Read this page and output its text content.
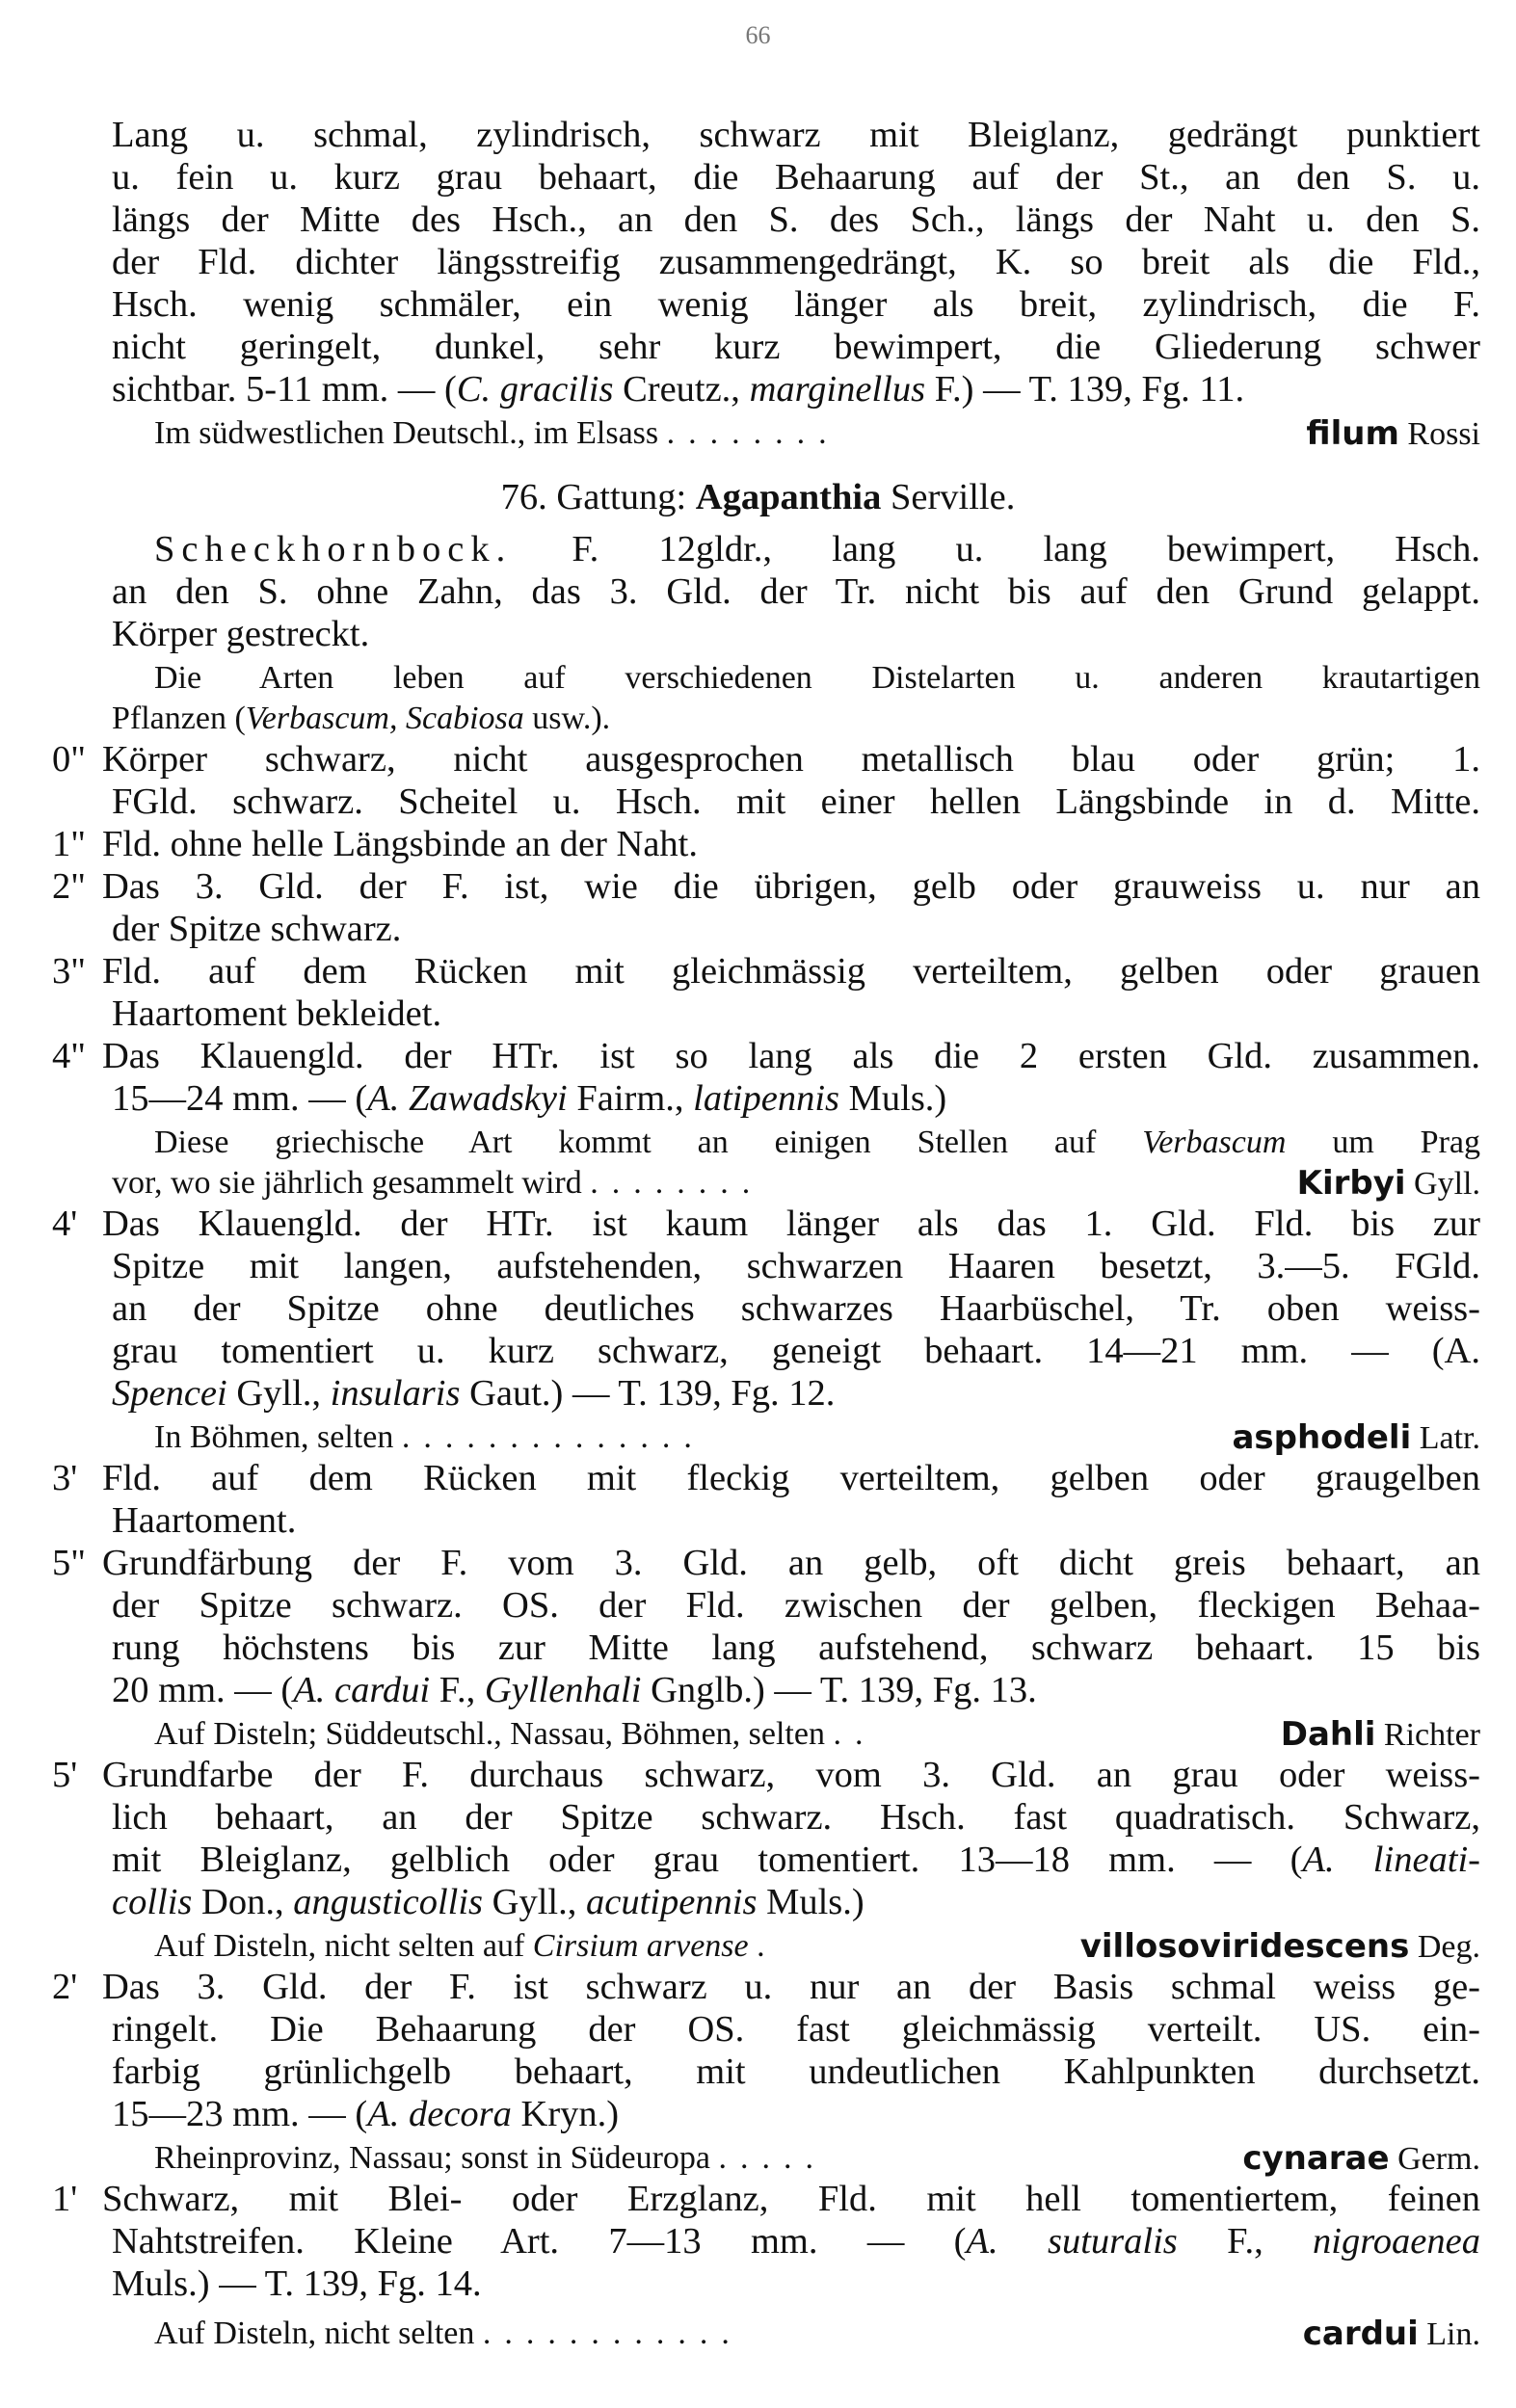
66
Lang u. schmal, zylindrisch, schwarz mit Bleiglanz, gedrängt punktiert
u. fein u. kurz grau behaart, die Behaarung auf der St., an den S. u.
längs der Mitte des Hsch., an den S. des Sch., längs der Naht u. den S.
der Fld. dichter längsstreifig zusammengedrängt, K. so breit als die Fld.,
Hsch. wenig schmäler, ein wenig länger als breit, zylindrisch, die F.
nicht geringelt, dunkel, sehr kurz bewimpert, die Gliederung schwer
sichtbar. 5-11 mm. — (C. gracilis Creutz., marginellus F.) — T. 139, Fg. 11.
Im südwestlichen Deutschl., im Elsass ........	filum Rossi
76. Gattung: Agapanthia Serville.
Scheckhornbock. F. 12gldr., lang u. lang bewimpert, Hsch.
an den S. ohne Zahn, das 3. Gld. der Tr. nicht bis auf den Grund gelappt.
Körper gestreckt.
Die Arten leben auf verschiedenen Distelarten u. anderen krautartigen
Pflanzen (Verbascum, Scabiosa usw.).
0" Körper schwarz, nicht ausgesprochen metallisch blau oder grün; 1.
FGld. schwarz. Scheitel u. Hsch. mit einer hellen Längsbinde in d. Mitte.
1" Fld. ohne helle Längsbinde an der Naht.
2" Das 3. Gld. der F. ist, wie die übrigen, gelb oder grauweiss u. nur an
der Spitze schwarz.
3" Fld. auf dem Rücken mit gleichmässig verteiltem, gelben oder grauen
Haartoment bekleidet.
4" Das Klauengld. der HTr. ist so lang als die 2 ersten Gld. zusammen.
15—24 mm. — (A. Zawadskyi Fairm., latipennis Muls.)
Diese griechische Art kommt an einigen Stellen auf Verbascum um Prag
vor, wo sie jährlich gesammelt wird ........	Kirbyi Gyll.
4' Das Klauengld. der HTr. ist kaum länger als das 1. Gld. Fld. bis zur
Spitze mit langen, aufstehenden, schwarzen Haaren besetzt, 3.—5. FGld.
an der Spitze ohne deutliches schwarzes Haarbüschel, Tr. oben weiss-
grau tomentiert u. kurz schwarz, geneigt behaart. 14—21 mm. — (A.
Spencei Gyll., insularis Gaut.) — T. 139, Fg. 12.
In Böhmen, selten ..............	asphodeli Latr.
3' Fld. auf dem Rücken mit fleckig verteiltem, gelben oder graugelben
Haartoment.
5" Grundfärbung der F. vom 3. Gld. an gelb, oft dicht greis behaart, an
der Spitze schwarz. OS. der Fld. zwischen der gelben, fleckigen Behaa-
rung höchstens bis zur Mitte lang aufstehend, schwarz behaart. 15 bis
20 mm. — (A. cardui F., Gyllenhali Gnglb.) — T. 139, Fg. 13.
Auf Disteln; Süddeutschl., Nassau, Böhmen, selten ..	Dahli Richter
5' Grundfarbe der F. durchaus schwarz, vom 3. Gld. an grau oder weiss-
lich behaart, an der Spitze schwarz. Hsch. fast quadratisch. Schwarz,
mit Bleiglanz, gelblich oder grau tomentiert. 13—18 mm. — (A. lineati-
collis Don., angusticollis Gyll., acutipennis Muls.)
Auf Disteln, nicht selten auf Cirsium arvense .	villosoviridescens Deg.
2' Das 3. Gld. der F. ist schwarz u. nur an der Basis schmal weiss ge-
ringelt. Die Behaarung der OS. fast gleichmässig verteilt. US. ein-
farbig grünlichgelb behaart, mit undeutlichen Kahlpunkten durchsetzt.
15—23 mm. — (A. decora Kryn.)
Rheinprovinz, Nassau; sonst in Südeuropa .....	cynarae Germ.
1' Schwarz, mit Blei- oder Erzglanz, Fld. mit hell tomentiertem, feinen
Nahtstreifen. Kleine Art. 7—13 mm. — (A. suturalis F., nigroaenea
Muls.) — T. 139, Fg. 14.
Auf Disteln, nicht selten ............	cardui Lin.
